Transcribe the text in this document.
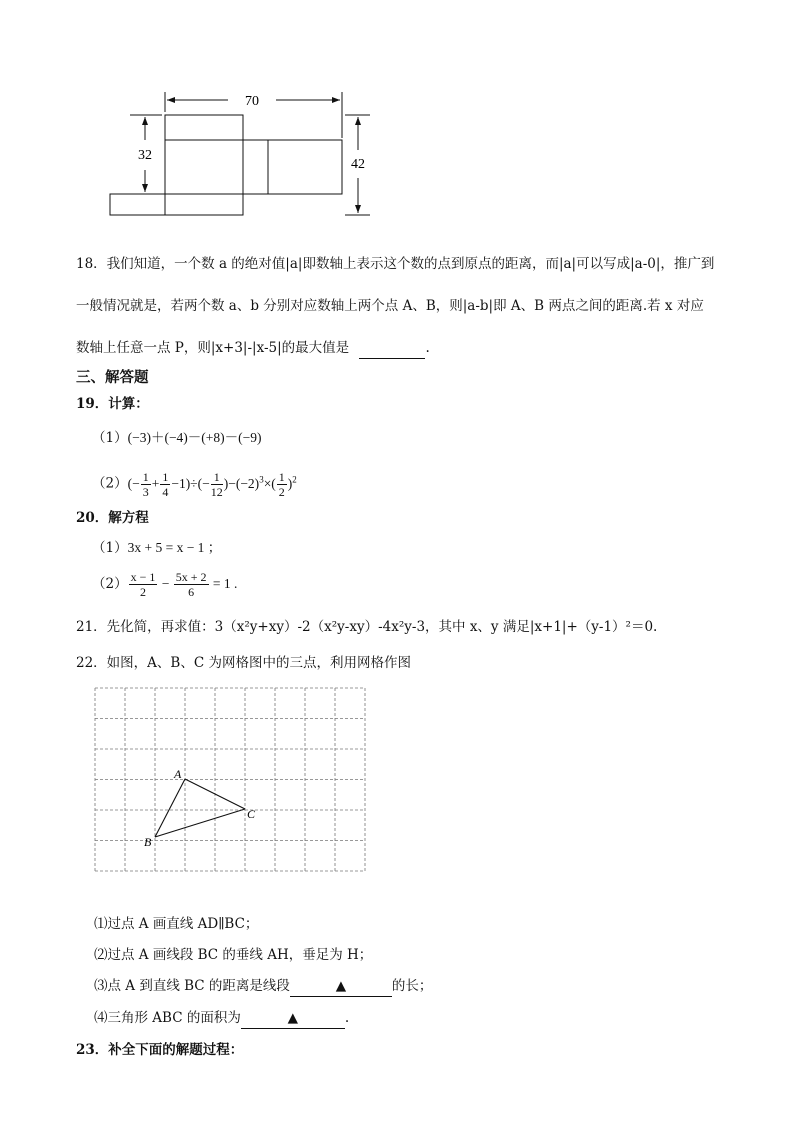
70
32
42
18．我们知道，一个数 a 的绝对值|a|即数轴上表示这个数的点到原点的距离，而|a|可以写成|a-0|，推广到
一般情况就是，若两个数 a、b 分别对应数轴上两个点 A、B，则|a-b|即 A、B 两点之间的距离.若 x 对应
数轴上任意一点 P，则|x+3|-|x-5|的最大值是	.
三、解答题
19．计算：
（1）(−3)＋(−4)－(+8)－(−9)
$(2)(- \frac{1}{3} + \frac{1}{4} -1)\div(- \frac{1}{12} )-(-2)^3\times( \frac{1}{2} )^2$
20．解方程
（1）3x + 5 = x − 1 ；
$(2) \frac{x - 1}{2} - \frac{5x + 2}{6} = 1$ .
21．先化简，再求值：3（x²y+xy）-2（x²y-xy）-4x²y-3，其中 x、y 满足|x+1|+（y-1）²＝0.
22．如图，A、B、C 为网格图中的三点，利用网格作图
A
B
C
⑴过点 A 画直线 AD∥BC；
⑵过点 A 画线段 BC 的垂线 AH，垂足为 H；
⑶点 A 到直线 BC 的距离是线段	▲	的长；
⑷三角形 ABC 的面积为	▲	.
23．补全下面的解题过程：
